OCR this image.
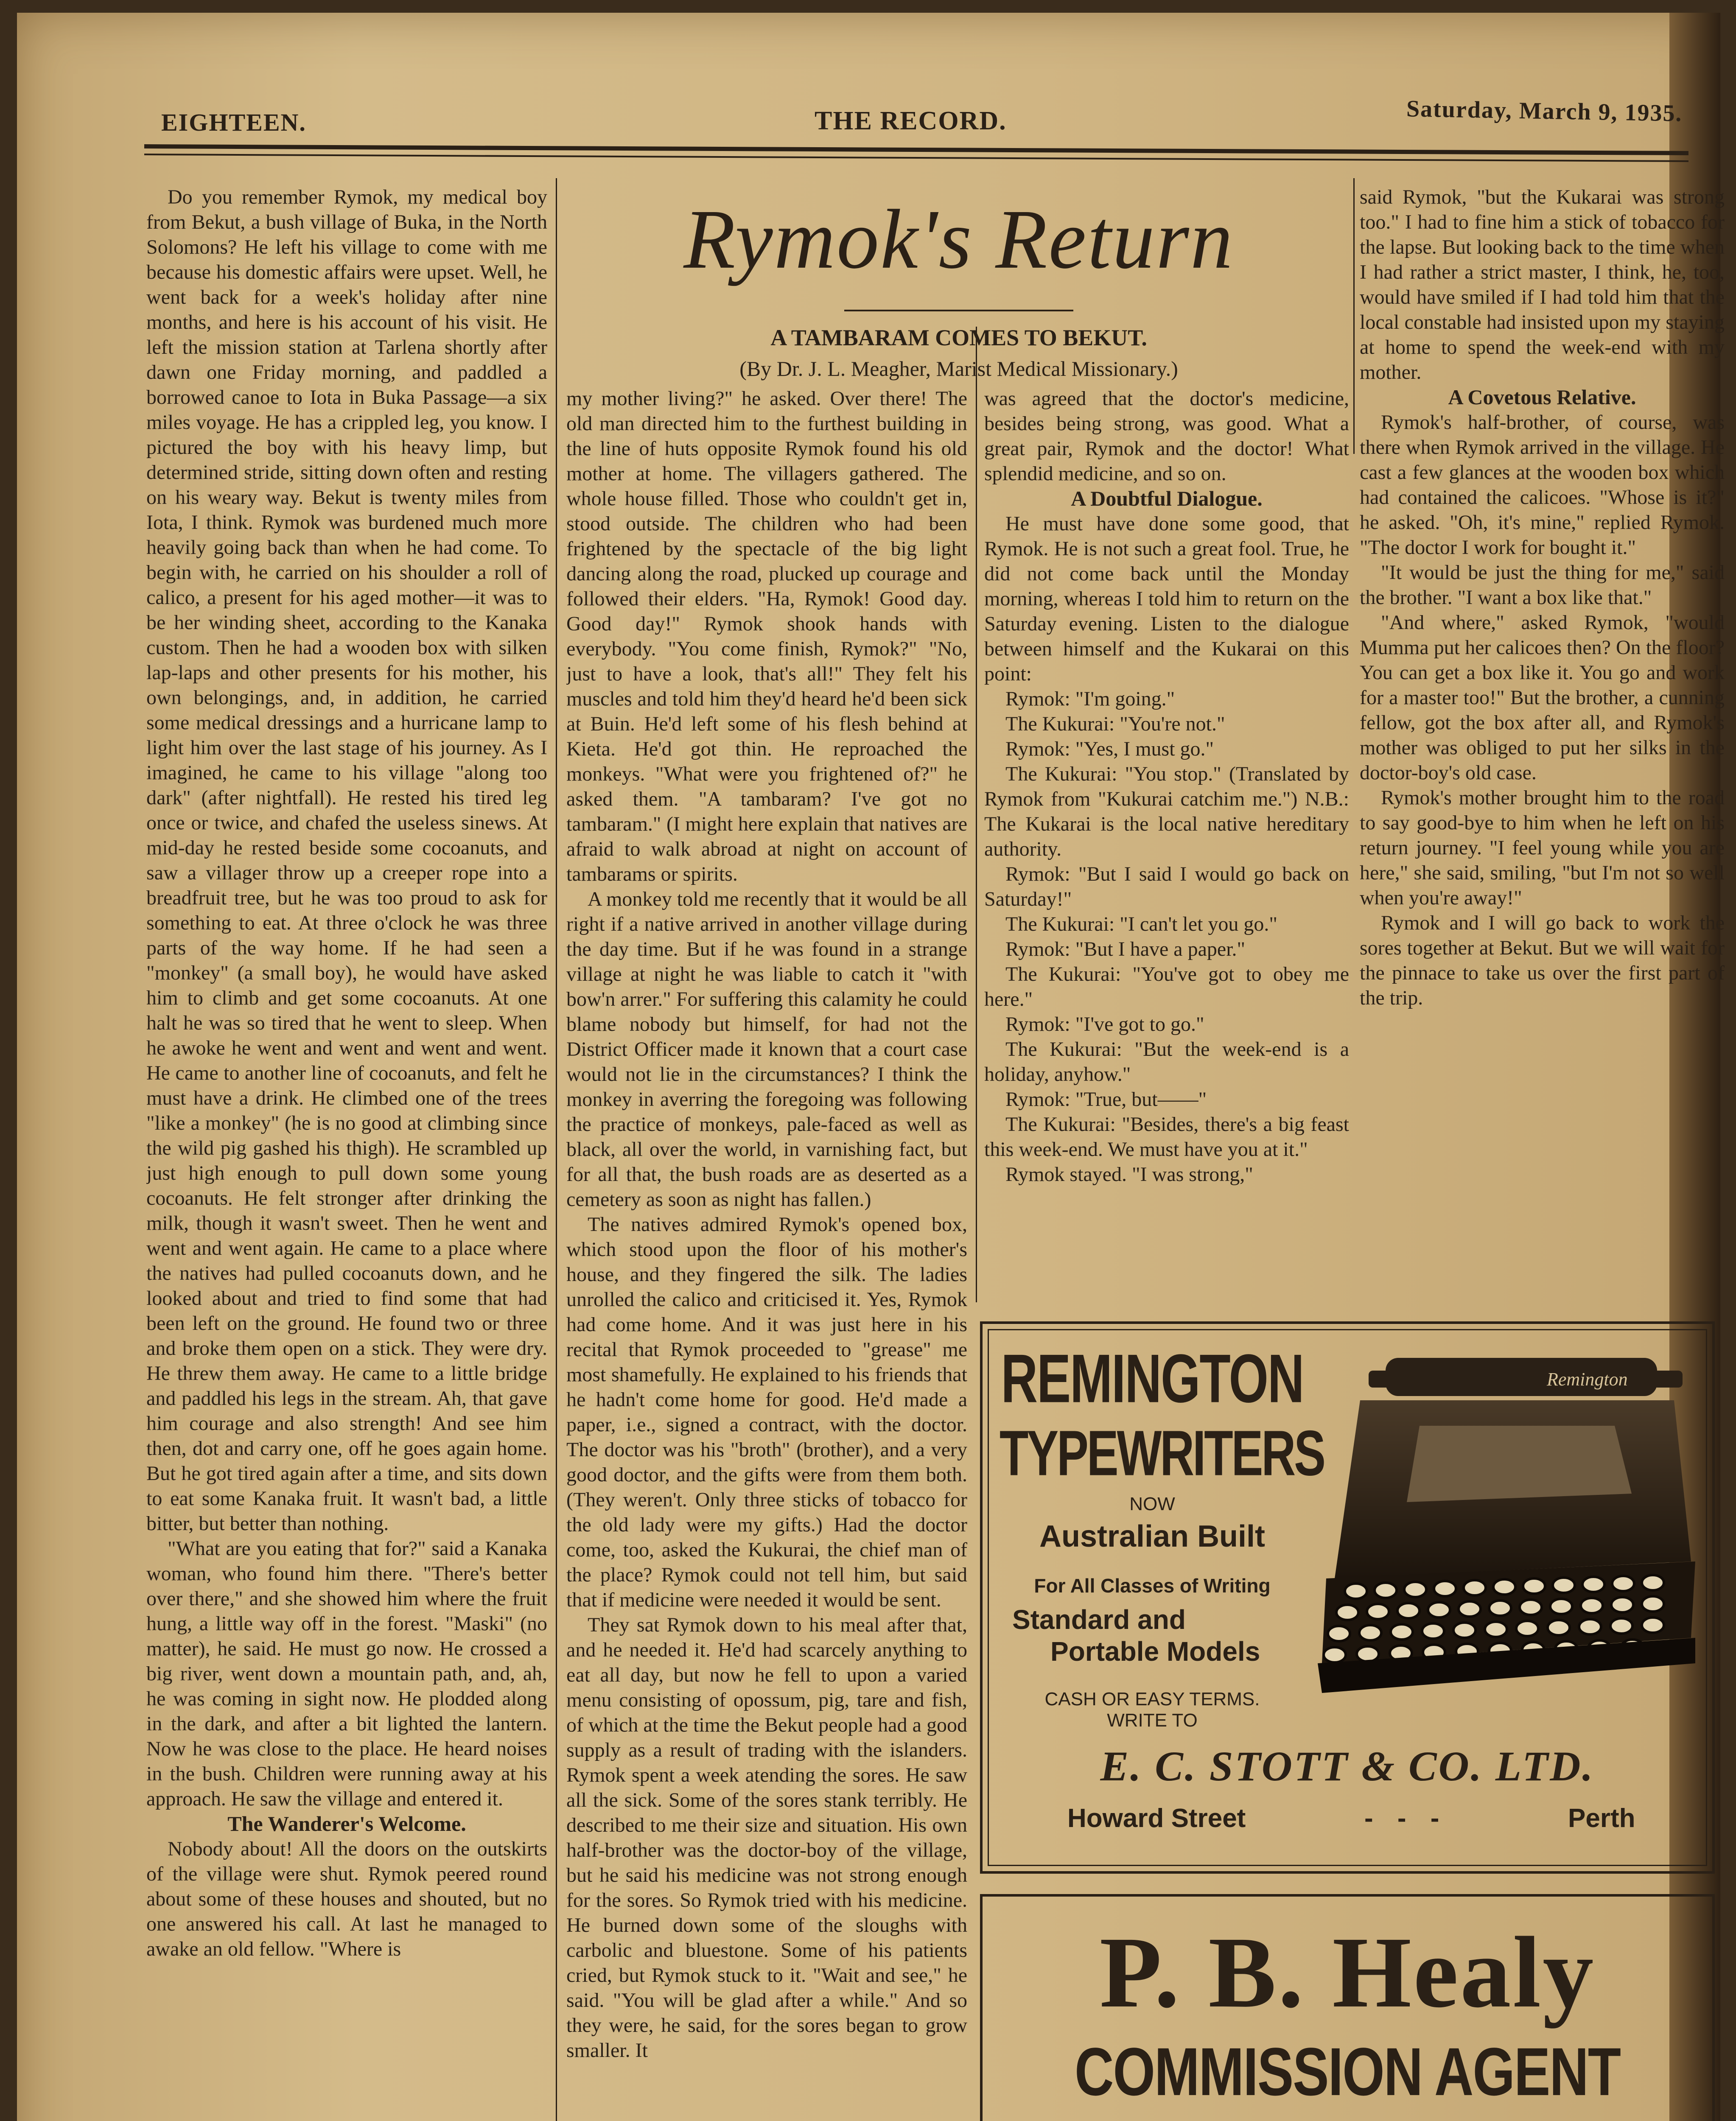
EIGHTEEN.	THE RECORD.	Saturday, March 9, 1935.
Rymok's Return
A TAMBARAM COMES TO BEKUT.
(By Dr. J. L. Meagher, Marist Medical Missionary.)

Do you remember Rymok, my medical boy from Bekut, a bush village of Buka, in the North Solomons? He left his village to come with me because his domestic affairs were upset. Well, he went back for a week's holiday after nine months, and here is his account of his visit. He left the mission station at Tarlena shortly after dawn one Friday morning, and paddled a borrowed canoe to Iota in Buka Passage—a six miles voyage. He has a crippled leg, you know. I pictured the boy with his heavy limp, but determined stride, sitting down often and resting on his weary way. Bekut is twenty miles from Iota, I think. Rymok was burdened much more heavily going back than when he had come. To begin with, he carried on his shoulder a roll of calico, a present for his aged mother—it was to be her winding sheet, according to the Kanaka custom. Then he had a wooden box with silken lap-laps and other presents for his mother, his own belongings, and, in addition, he carried some medical dressings and a hurricane lamp to light him over the last stage of his journey. As I imagined, he came to his village "along too dark" (after nightfall). He rested his tired leg once or twice, and chafed the useless sinews. At mid-day he rested beside some cocoanuts, and saw a villager throw up a creeper rope into a breadfruit tree, but he was too proud to ask for something to eat. At three o'clock he was three parts of the way home. If he had seen a "monkey" (a small boy), he would have asked him to climb and get some cocoanuts. At one halt he was so tired that he went to sleep. When he awoke he went and went and went and went. He came to another line of cocoanuts, and felt he must have a drink. He climbed one of the trees "like a monkey" (he is no good at climbing since the wild pig gashed his thigh). He scrambled up just high enough to pull down some young cocoanuts. He felt stronger after drinking the milk, though it wasn't sweet. Then he went and went and went again. He came to a place where the natives had pulled cocoanuts down, and he looked about and tried to find some that had been left on the ground. He found two or three and broke them open on a stick. They were dry. He threw them away. He came to a little bridge and paddled his legs in the stream. Ah, that gave him courage and also strength! And see him then, dot and carry one, off he goes again home. But he got tired again after a time, and sits down to eat some Kanaka fruit. It wasn't bad, a little bitter, but better than nothing.

"What are you eating that for?" said a Kanaka woman, who found him there. "There's better over there," and she showed him where the fruit hung, a little way off in the forest. "Maski" (no matter), he said. He must go now. He crossed a big river, went down a mountain path, and, ah, he was coming in sight now. He plodded along in the dark, and after a bit lighted the lantern. Now he was close to the place. He heard noises in the bush. Children were running away at his approach. He saw the village and entered it.

The Wanderer's Welcome.

Nobody about! All the doors on the outskirts of the village were shut. Rymok peered round about some of these houses and shouted, but no one answered his call. At last he managed to awake an old fellow. "Where is

my mother living?" he asked. Over there! The old man directed him to the furthest building in the line of huts opposite Rymok found his old mother at home. The villagers gathered. The whole house filled. Those who couldn't get in, stood outside. The children who had been frightened by the spectacle of the big light dancing along the road, plucked up courage and followed their elders. "Ha, Rymok! Good day. Good day!" Rymok shook hands with everybody. "You come finish, Rymok?" "No, just to have a look, that's all!" They felt his muscles and told him they'd heard he'd been sick at Buin. He'd left some of his flesh behind at Kieta. He'd got thin. He reproached the monkeys. "What were you frightened of?" he asked them. "A tambaram? I've got no tambaram." (I might here explain that natives are afraid to walk abroad at night on account of tambarams or spirits.

A monkey told me recently that it would be all right if a native arrived in another village during the day time. But if he was found in a strange village at night he was liable to catch it "with bow'n arrer." For suffering this calamity he could blame nobody but himself, for had not the District Officer made it known that a court case would not lie in the circumstances? I think the monkey in averring the foregoing was following the practice of monkeys, pale-faced as well as black, all over the world, in varnishing fact, but for all that, the bush roads are as deserted as a cemetery as soon as night has fallen.)

The natives admired Rymok's opened box, which stood upon the floor of his mother's house, and they fingered the silk. The ladies unrolled the calico and criticised it. Yes, Rymok had come home. And it was just here in his recital that Rymok proceeded to "grease" me most shamefully. He explained to his friends that he hadn't come home for good. He'd made a paper, i.e., signed a contract, with the doctor. The doctor was his "broth" (brother), and a very good doctor, and the gifts were from them both. (They weren't. Only three sticks of tobacco for the old lady were my gifts.) Had the doctor come, too, asked the Kukurai, the chief man of the place? Rymok could not tell him, but said that if medicine were needed it would be sent.

They sat Rymok down to his meal after that, and he needed it. He'd had scarcely anything to eat all day, but now he fell to upon a varied menu consisting of opossum, pig, tare and fish, of which at the time the Bekut people had a good supply as a result of trading with the islanders. Rymok spent a week atending the sores. He saw all the sick. Some of the sores stank terribly. He described to me their size and situation. His own half-brother was the doctor-boy of the village, but he said his medicine was not strong enough for the sores. So Rymok tried with his medicine. He burned down some of the sloughs with carbolic and bluestone. Some of his patients cried, but Rymok stuck to it. "Wait and see," he said. "You will be glad after a while." And so they were, he said, for the sores began to grow smaller. It

was agreed that the doctor's medicine, besides being strong, was good. What a great pair, Rymok and the doctor! What splendid medicine, and so on.

A Doubtful Dialogue.

He must have done some good, that Rymok. He is not such a great fool. True, he did not come back until the Monday morning, whereas I told him to return on the Saturday evening. Listen to the dialogue between himself and the Kukarai on this point:

Rymok: "I'm going."

The Kukurai: "You're not."

Rymok: "Yes, I must go."

The Kukurai: "You stop." (Translated by Rymok from "Kukurai catchim me.") N.B.: The Kukarai is the local native hereditary authority.

Rymok: "But I said I would go back on Saturday!"

The Kukurai: "I can't let you go."

Rymok: "But I have a paper."

The Kukurai: "You've got to obey me here."

Rymok: "I've got to go."

The Kukurai: "But the week-end is a holiday, anyhow."

Rymok: "True, but——"

The Kukurai: "Besides, there's a big feast this week-end. We must have you at it."

Rymok stayed. "I was strong,"

said Rymok, "but the Kukarai was strong too." I had to fine him a stick of tobacco for the lapse. But looking back to the time when I had rather a strict master, I think, he, too, would have smiled if I had told him that the local constable had insisted upon my staying at home to spend the week-end with my mother.

A Covetous Relative.

Rymok's half-brother, of course, was there when Rymok arrived in the village. He cast a few glances at the wooden box which had contained the calicoes. "Whose is it?" he asked. "Oh, it's mine," replied Rymok. "The doctor I work for bought it."

"It would be just the thing for me," said the brother. "I want a box like that."

"And where," asked Rymok, "would Mumma put her calicoes then? On the floor? You can get a box like it. You go and work for a master too!" But the brother, a cunning fellow, got the box after all, and Rymok's mother was obliged to put her silks in the doctor-boy's old case.

Rymok's mother brought him to the road to say good-bye to him when he left on his return journey. "I feel young while you are here," she said, smiling, "but I'm not so well when you're away!"

Rymok and I will go back to work the sores together at Bekut. But we will wait for the pinnace to take us over the first part of the trip.

REMINGTON
TYPEWRITERS
NOW
Australian Built
For All Classes of Writing
Standard and
Portable Models
CASH OR EASY TERMS.
WRITE TO
E. C. STOTT & CO. LTD.
Howard Street	- - -	Perth
Remington
P. B. Healy
COMMISSION AGENT
